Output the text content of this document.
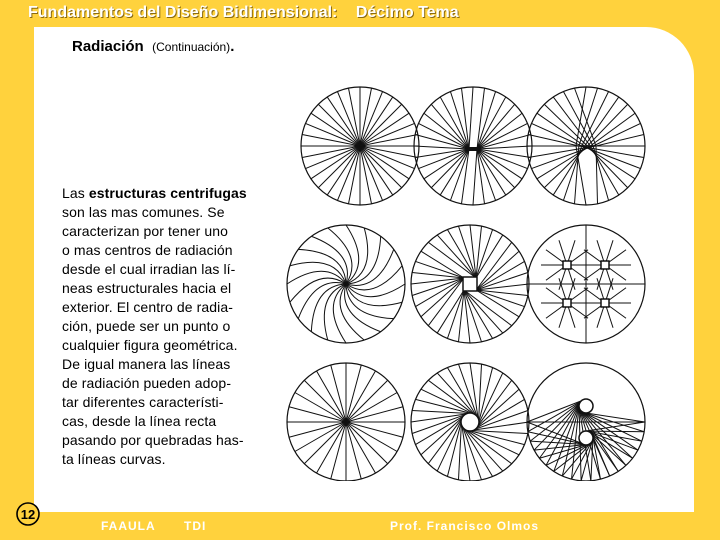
Fundamentos del Diseño Bidimensional: Décimo Tema
Radiación (Continuación).
Las estructuras centrifugas
son las mas comunes. Se
caracterizan por tener uno
o mas centros de radiación
desde el cual irradian las lí-
neas estructurales hacia el
exterior. El centro de radia-
ción, puede ser un punto o
cualquier figura geométrica.
De igual manera las líneas
de radiación pueden adop-
tar diferentes característi-
cas, desde la línea recta
pasando por quebradas has-
ta líneas curvas.
12
FAAULA TDI	Prof. Francisco Olmos
